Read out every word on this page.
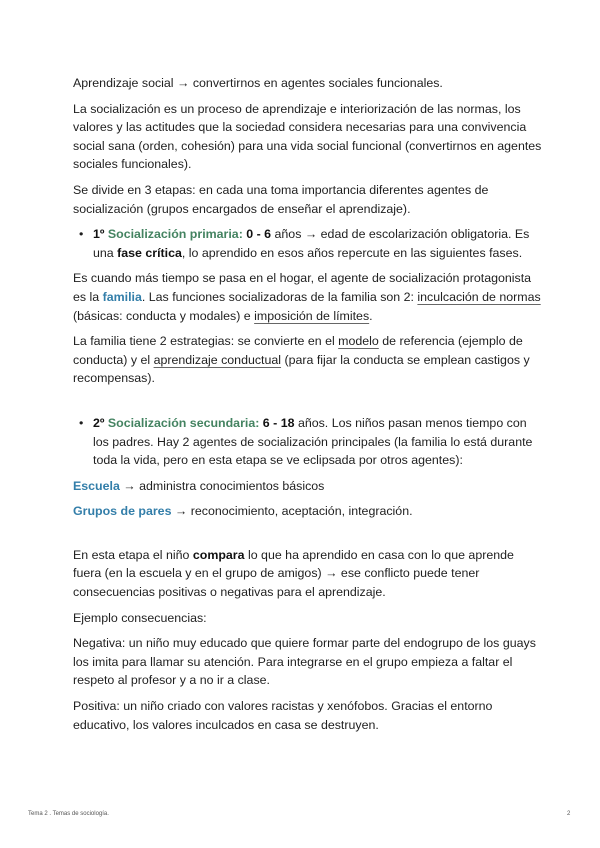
Aprendizaje social → convertirnos en agentes sociales funcionales.

La socialización es un proceso de aprendizaje e interiorización de las normas, los valores y las actitudes que la sociedad considera necesarias para una convivencia social sana (orden, cohesión) para una vida social funcional (convertirnos en agentes sociales funcionales).

Se divide en 3 etapas: en cada una toma importancia diferentes agentes de socialización (grupos encargados de enseñar el aprendizaje).

• 1º Socialización primaria: 0 - 6 años → edad de escolarización obligatoria. Es una fase crítica, lo aprendido en esos años repercute en las siguientes fases.

Es cuando más tiempo se pasa en el hogar, el agente de socialización protagonista es la familia. Las funciones socializadoras de la familia son 2: inculcación de normas (básicas: conducta y modales) e imposición de límites.

La familia tiene 2 estrategias: se convierte en el modelo de referencia (ejemplo de conducta) y el aprendizaje conductual (para fijar la conducta se emplean castigos y recompensas).

• 2º Socialización secundaria: 6 - 18 años. Los niños pasan menos tiempo con los padres. Hay 2 agentes de socialización principales (la familia lo está durante toda la vida, pero en esta etapa se ve eclipsada por otros agentes):

Escuela → administra conocimientos básicos

Grupos de pares → reconocimiento, aceptación, integración.

En esta etapa el niño compara lo que ha aprendido en casa con lo que aprende fuera (en la escuela y en el grupo de amigos) → ese conflicto puede tener consecuencias positivas o negativas para el aprendizaje.

Ejemplo consecuencias:

Negativa: un niño muy educado que quiere formar parte del endogrupo de los guays los imita para llamar su atención. Para integrarse en el grupo empieza a faltar el respeto al profesor y a no ir a clase.

Positiva: un niño criado con valores racistas y xenófobos. Gracias el entorno educativo, los valores inculcados en casa se destruyen.

Tema 2 . Temas de sociología.	2
